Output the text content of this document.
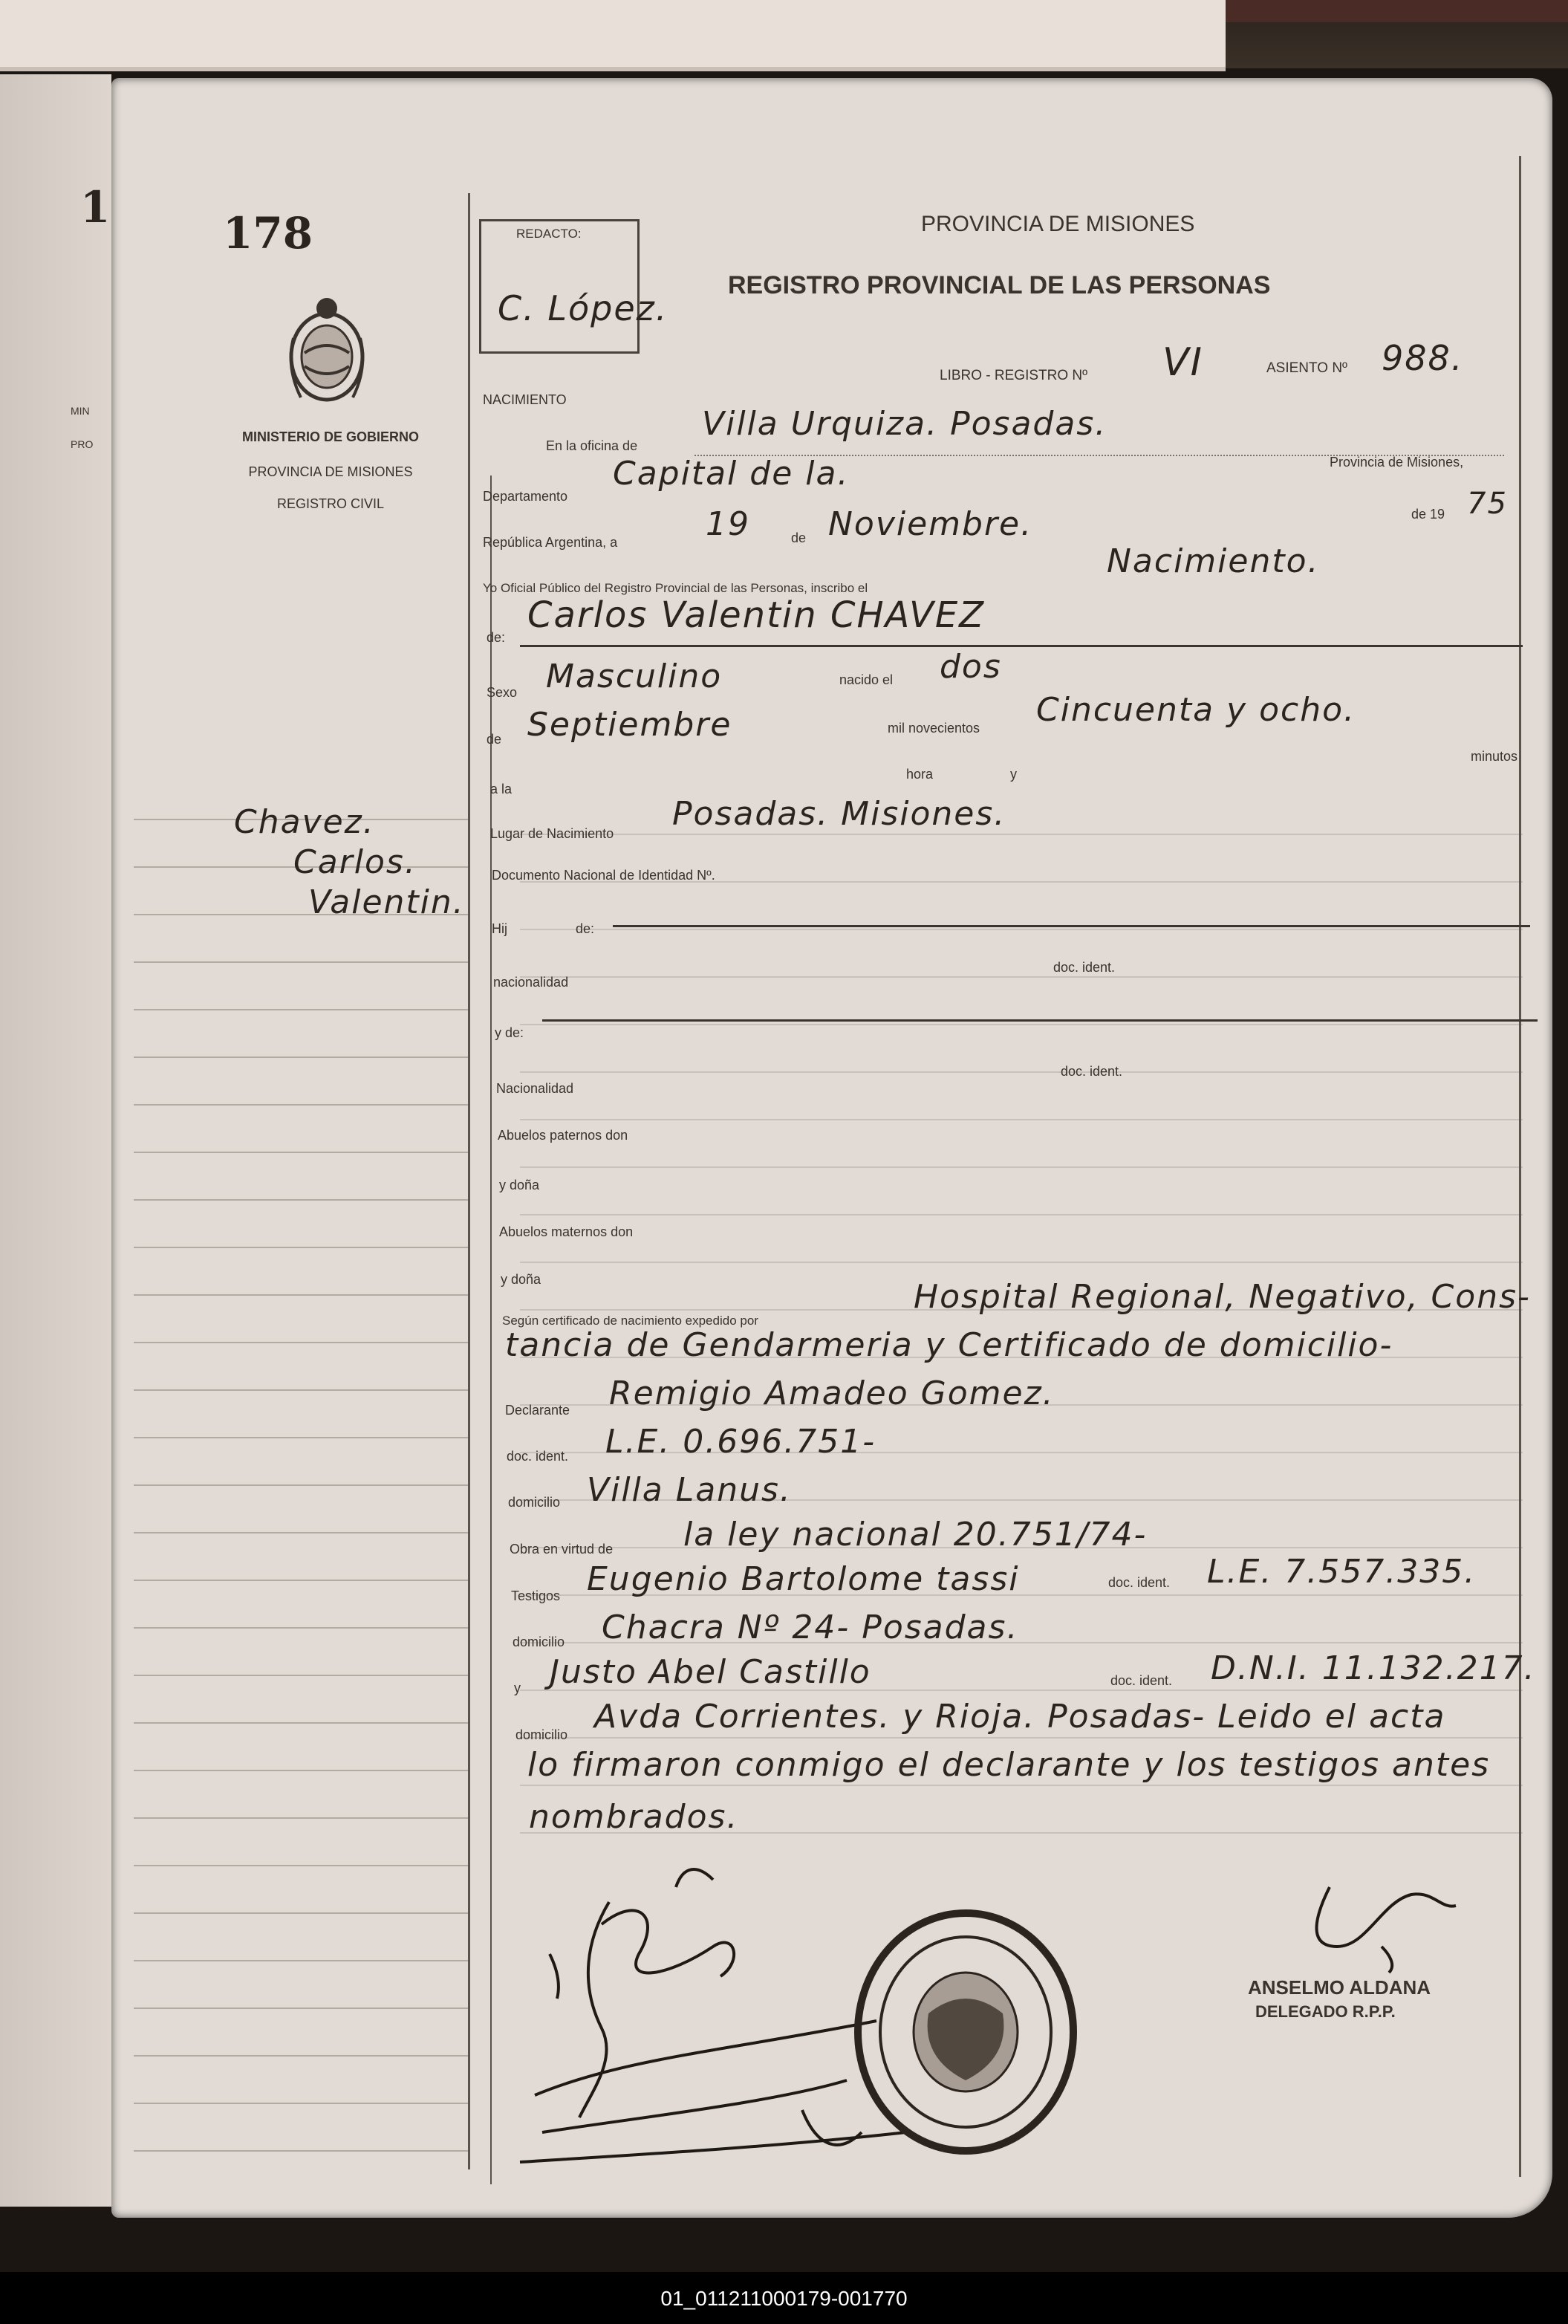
1
MIN
PRO
178
MINISTERIO DE GOBIERNO
PROVINCIA DE MISIONES
REGISTRO CIVIL
Chavez.
Carlos.
Valentin.
REDACTO:
C. López.
PROVINCIA DE MISIONES
REGISTRO PROVINCIAL DE LAS PERSONAS
LIBRO - REGISTRO Nº VI	ASIENTO Nº 988.
NACIMIENTO
En la oficina de
Villa Urquiza. Posadas.
Departamento
Capital de la.	Provincia de Misiones,
República Argentina, a	19	de Noviembre.	de 19 75
Yo Oficial Público del Registro Provincial de las Personas, inscribo el
Nacimiento.
de:
Carlos Valentin CHAVEZ
Sexo Masculino	nacido el dos
de Septiembre	mil novecientos Cincuenta y ocho.
a la
hora	y
minutos
Lugar de Nacimiento
Posadas. Misiones.
Documento Nacional de Identidad Nº.
Hij	de:
nacionalidad
doc. ident.
y de:
Nacionalidad
doc. ident.
Abuelos paternos don
y doña
Abuelos maternos don
y doña
Según certificado de nacimiento expedido por
Hospital Regional, Negativo, Cons-
tancia de Gendarmeria y Certificado de domicilio-
Declarante Remigio Amadeo Gomez.
doc. ident. L.E. 0.696.751-
domicilio Villa Lanus.
Obra en virtud de la ley nacional 20.751/74-
Testigos Eugenio Bartolome tassi	doc. ident. L.E. 7.557.335.
domicilio Chacra Nº 24- Posadas.
y Justo Abel Castillo	doc. ident. D.N.I. 11.132.217.
domicilio Avda Corrientes. y Rioja. Posadas- Leido el acta
lo firmaron conmigo el declarante y los testigos antes
nombrados.
ANSELMO ALDANA
DELEGADO R.P.P.
01_011211000179-001770
